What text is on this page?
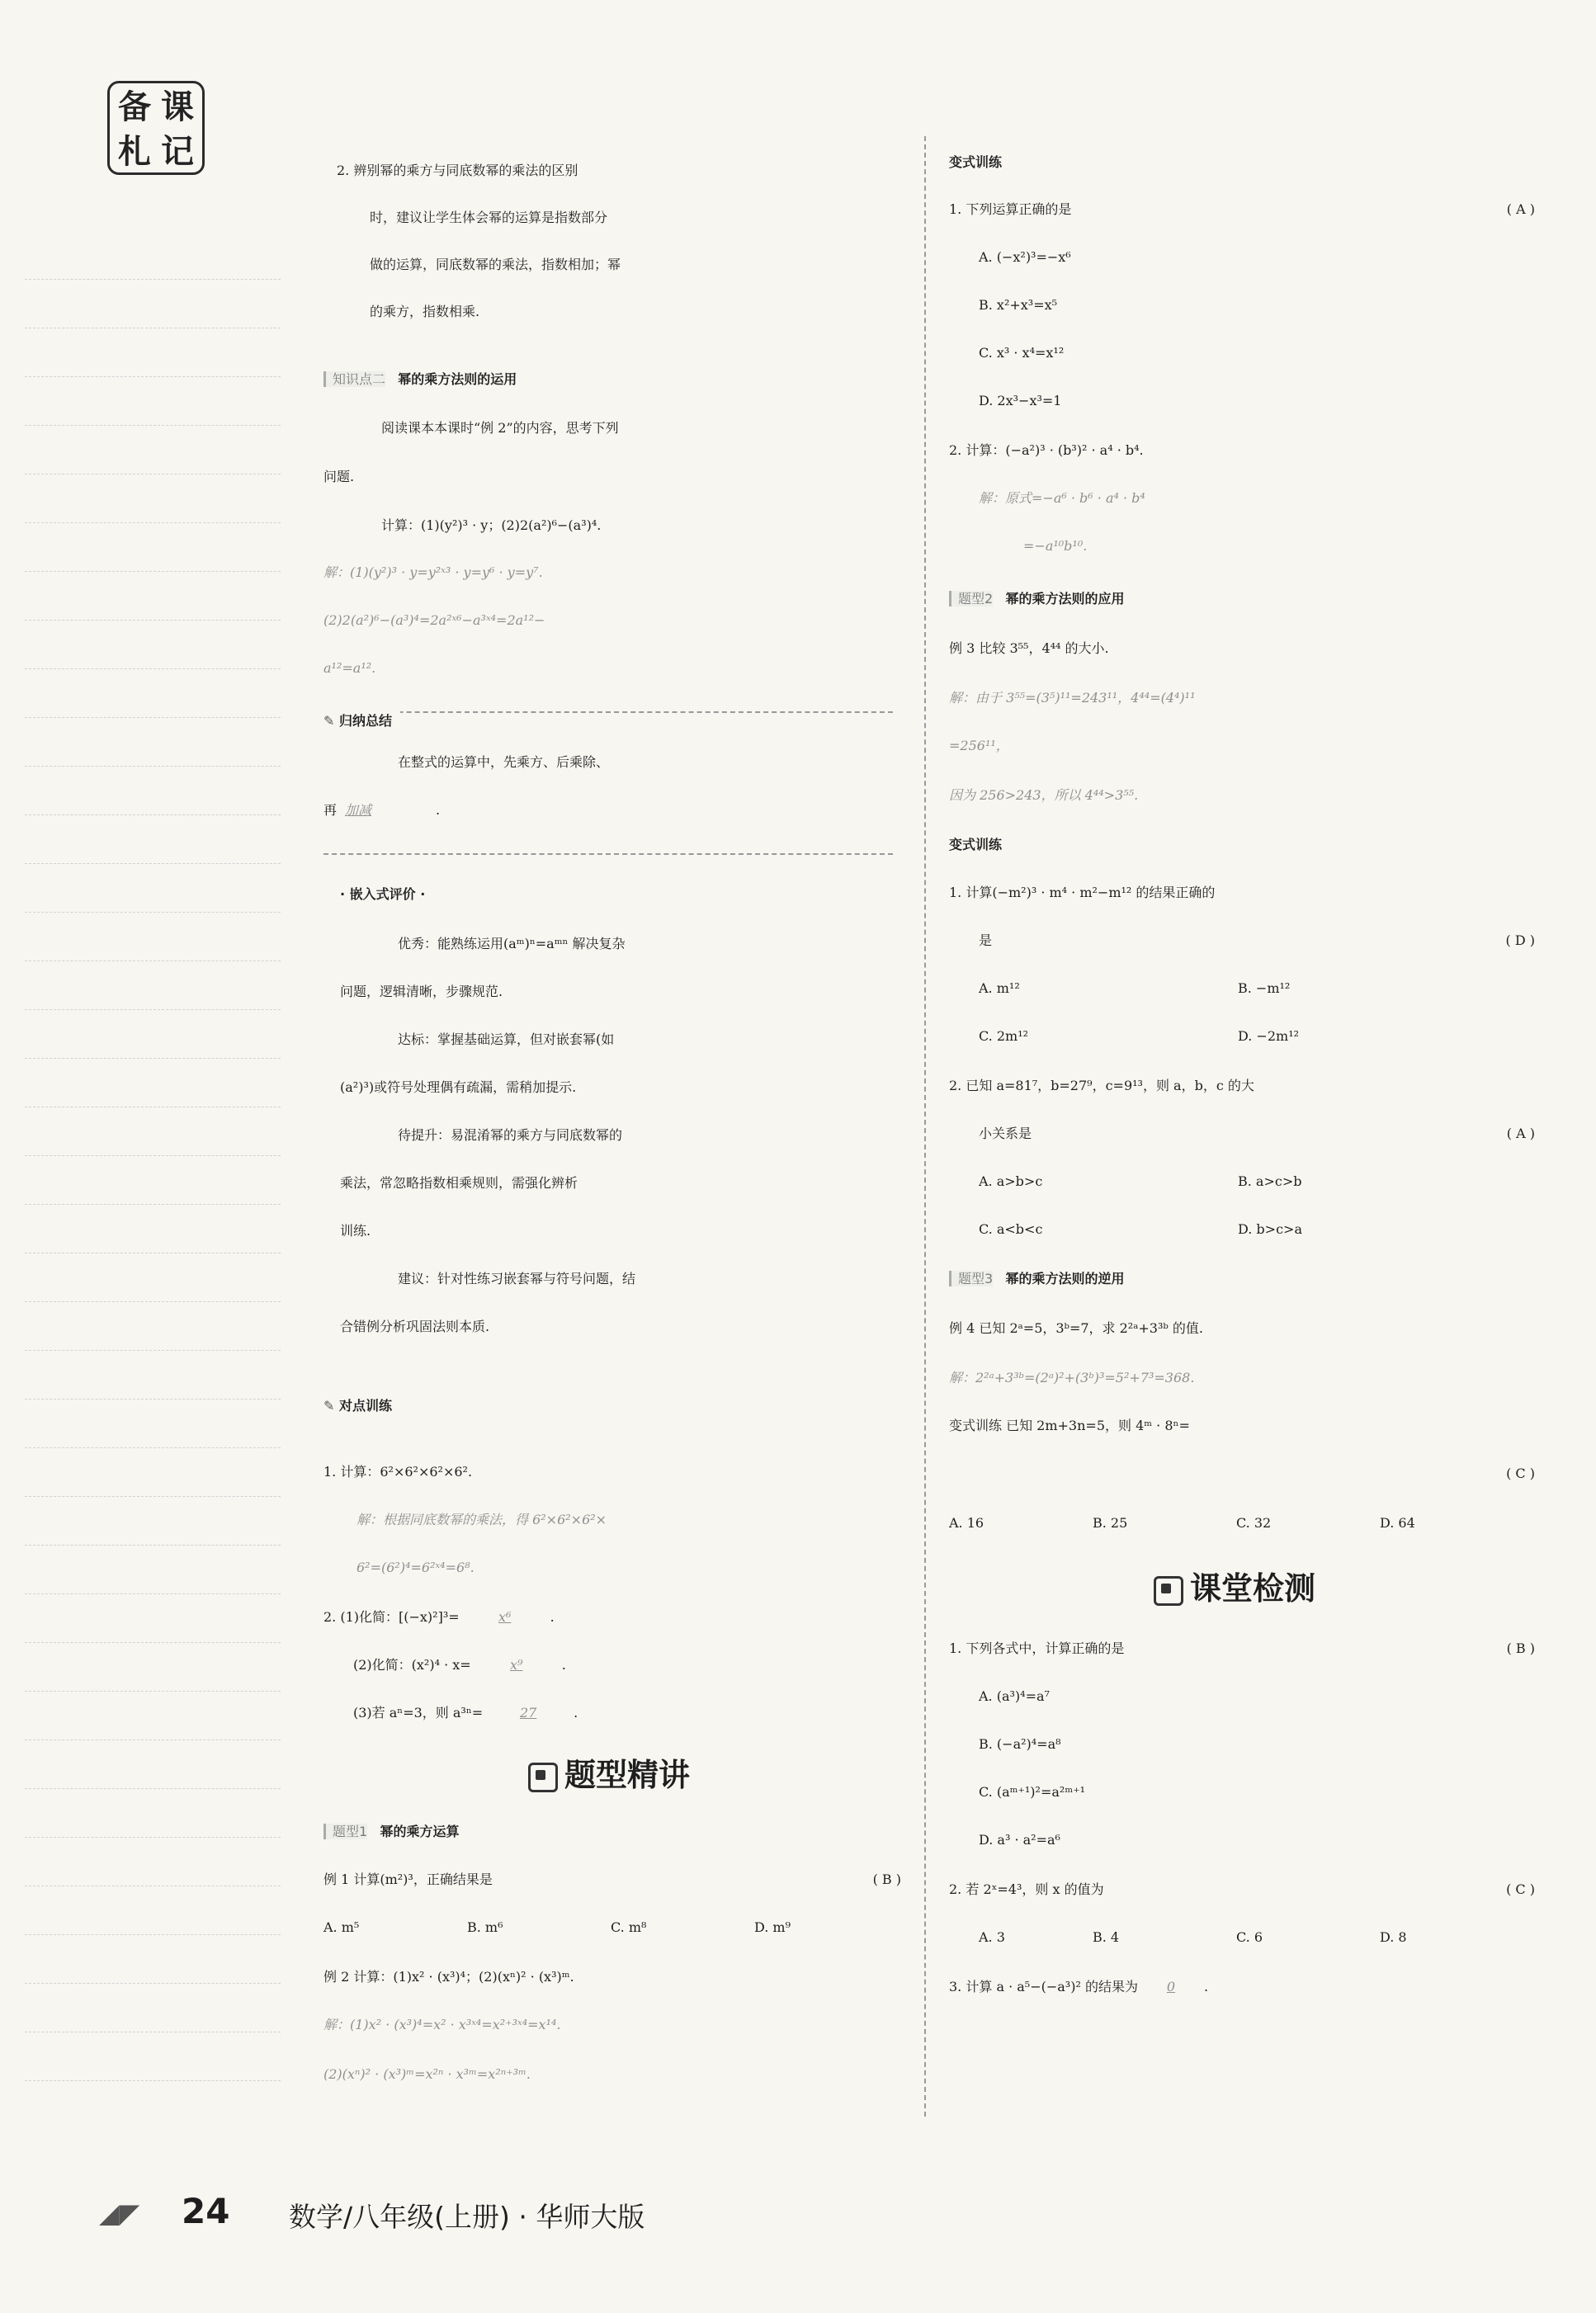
备 课
札 记	2. 辨别幂的乘方与同底数幂的乘法的区别
时，建议让学生体会幂的运算是指数部分
做的运算，同底数幂的乘法，指数相加；幂
的乘方，指数相乘.
知识点二 幂的乘方法则的运用
阅读课本本课时“例 2”的内容，思考下列
问题.
计算：(1)(y²)³ · y；(2)2(a²)⁶−(a³)⁴.
解：(1)(y²)³ · y=y²ˣ³ · y=y⁶ · y=y⁷.
(2)2(a²)⁶−(a³)⁴=2a²ˣ⁶−a³ˣ⁴=2a¹²−
a¹²=a¹².
✎ 归纳总结
在整式的运算中，先乘方、后乘除、
再 加减	.
· 嵌入式评价 ·
优秀：能熟练运用(aᵐ)ⁿ=aᵐⁿ 解决复杂
问题，逻辑清晰，步骤规范.
达标：掌握基础运算，但对嵌套幂(如
(a²)³)或符号处理偶有疏漏，需稍加提示.
待提升：易混淆幂的乘方与同底数幂的
乘法，常忽略指数相乘规则，需强化辨析
训练.
建议：针对性练习嵌套幂与符号问题，结
合错例分析巩固法则本质.
✎ 对点训练
1. 计算：6²×6²×6²×6².
解：根据同底数幂的乘法，得 6²×6²×6²×
6²=(6²)⁴=6²ˣ⁴=6⁸.
2. (1)化简：[(−x)²]³=	x⁶	.
(2)化简：(x²)⁴ · x=	x⁹	.
(3)若 aⁿ=3，则 a³ⁿ=	27	.
题型精讲
题型1 幂的乘方运算
例 1 计算(m²)³，正确结果是	( B )
A. m⁵	B. m⁶	C. m⁸	D. m⁹
例 2 计算：(1)x² · (x³)⁴；(2)(xⁿ)² · (x³)ᵐ.
解：(1)x² · (x³)⁴=x² · x³ˣ⁴=x²⁺³ˣ⁴=x¹⁴.
(2)(xⁿ)² · (x³)ᵐ=x²ⁿ · x³ᵐ=x²ⁿ⁺³ᵐ.
变式训练
1. 下列运算正确的是	( A )
A. (−x²)³=−x⁶
B. x²+x³=x⁵
C. x³ · x⁴=x¹²
D. 2x³−x³=1
2. 计算：(−a²)³ · (b³)² · a⁴ · b⁴.
解：原式=−a⁶ · b⁶ · a⁴ · b⁴
=−a¹⁰b¹⁰.
题型2 幂的乘方法则的应用
例 3 比较 3⁵⁵，4⁴⁴ 的大小.
解：由于 3⁵⁵=(3⁵)¹¹=243¹¹，4⁴⁴=(4⁴)¹¹
=256¹¹，
因为 256>243，所以 4⁴⁴>3⁵⁵.
变式训练
1. 计算(−m²)³ · m⁴ · m²−m¹² 的结果正确的
是	( D )
A. m¹²	B. −m¹²
C. 2m¹²	D. −2m¹²
2. 已知 a=81⁷，b=27⁹，c=9¹³，则 a，b，c 的大
小关系是	( A )
A. a>b>c	B. a>c>b
C. a<b<c	D. b>c>a
题型3 幂的乘方法则的逆用
例 4 已知 2ᵃ=5，3ᵇ=7，求 2²ᵃ+3³ᵇ 的值.
解：2²ᵃ+3³ᵇ=(2ᵃ)²+(3ᵇ)³=5²+7³=368.
变式训练 已知 2m+3n=5，则 4ᵐ · 8ⁿ=
( C )
A. 16	B. 25	C. 32	D. 64
课堂检测
1. 下列各式中，计算正确的是	( B )
A. (a³)⁴=a⁷
B. (−a²)⁴=a⁸
C. (aᵐ⁺¹)²=a²ᵐ⁺¹
D. a³ · a²=a⁶
2. 若 2ˣ=4³，则 x 的值为	( C )
A. 3	B. 4	C. 6	D. 8
3. 计算 a · a⁵−(−a³)² 的结果为 0 .
◢◤ 24 数学/八年级(上册) · 华师大版
